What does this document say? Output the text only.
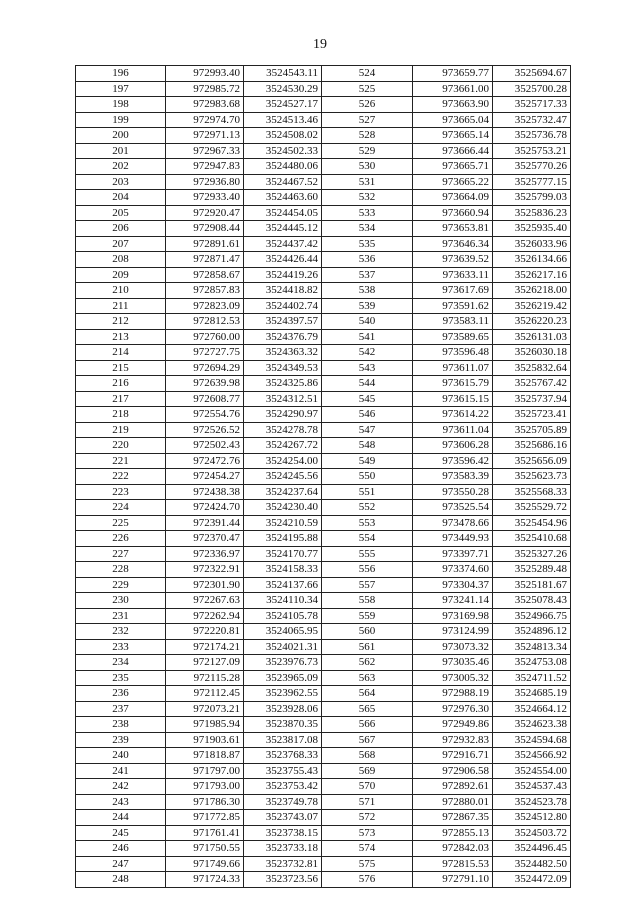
19
196	972993.40	3524543.11	524	973659.77	3525694.67
197	972985.72	3524530.29	525	973661.00	3525700.28
198	972983.68	3524527.17	526	973663.90	3525717.33
199	972974.70	3524513.46	527	973665.04	3525732.47
200	972971.13	3524508.02	528	973665.14	3525736.78
201	972967.33	3524502.33	529	973666.44	3525753.21
202	972947.83	3524480.06	530	973665.71	3525770.26
203	972936.80	3524467.52	531	973665.22	3525777.15
204	972933.40	3524463.60	532	973664.09	3525799.03
205	972920.47	3524454.05	533	973660.94	3525836.23
206	972908.44	3524445.12	534	973653.81	3525935.40
207	972891.61	3524437.42	535	973646.34	3526033.96
208	972871.47	3524426.44	536	973639.52	3526134.66
209	972858.67	3524419.26	537	973633.11	3526217.16
210	972857.83	3524418.82	538	973617.69	3526218.00
211	972823.09	3524402.74	539	973591.62	3526219.42
212	972812.53	3524397.57	540	973583.11	3526220.23
213	972760.00	3524376.79	541	973589.65	3526131.03
214	972727.75	3524363.32	542	973596.48	3526030.18
215	972694.29	3524349.53	543	973611.07	3525832.64
216	972639.98	3524325.86	544	973615.79	3525767.42
217	972608.77	3524312.51	545	973615.15	3525737.94
218	972554.76	3524290.97	546	973614.22	3525723.41
219	972526.52	3524278.78	547	973611.04	3525705.89
220	972502.43	3524267.72	548	973606.28	3525686.16
221	972472.76	3524254.00	549	973596.42	3525656.09
222	972454.27	3524245.56	550	973583.39	3525623.73
223	972438.38	3524237.64	551	973550.28	3525568.33
224	972424.70	3524230.40	552	973525.54	3525529.72
225	972391.44	3524210.59	553	973478.66	3525454.96
226	972370.47	3524195.88	554	973449.93	3525410.68
227	972336.97	3524170.77	555	973397.71	3525327.26
228	972322.91	3524158.33	556	973374.60	3525289.48
229	972301.90	3524137.66	557	973304.37	3525181.67
230	972267.63	3524110.34	558	973241.14	3525078.43
231	972262.94	3524105.78	559	973169.98	3524966.75
232	972220.81	3524065.95	560	973124.99	3524896.12
233	972174.21	3524021.31	561	973073.32	3524813.34
234	972127.09	3523976.73	562	973035.46	3524753.08
235	972115.28	3523965.09	563	973005.32	3524711.52
236	972112.45	3523962.55	564	972988.19	3524685.19
237	972073.21	3523928.06	565	972976.30	3524664.12
238	971985.94	3523870.35	566	972949.86	3524623.38
239	971903.61	3523817.08	567	972932.83	3524594.68
240	971818.87	3523768.33	568	972916.71	3524566.92
241	971797.00	3523755.43	569	972906.58	3524554.00
242	971793.00	3523753.42	570	972892.61	3524537.43
243	971786.30	3523749.78	571	972880.01	3524523.78
244	971772.85	3523743.07	572	972867.35	3524512.80
245	971761.41	3523738.15	573	972855.13	3524503.72
246	971750.55	3523733.18	574	972842.03	3524496.45
247	971749.66	3523732.81	575	972815.53	3524482.50
248	971724.33	3523723.56	576	972791.10	3524472.09
